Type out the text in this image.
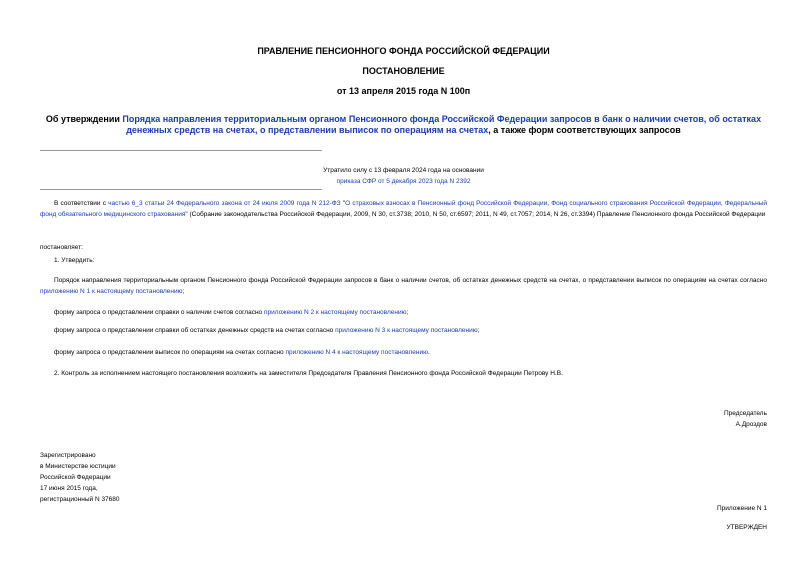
ПРАВЛЕНИЕ ПЕНСИОННОГО ФОНДА РОССИЙСКОЙ ФЕДЕРАЦИИ
ПОСТАНОВЛЕНИЕ
от 13 апреля 2015 года N 100п
Об утверждении Порядка направления территориальным органом Пенсионного фонда Российской Федерации запросов в банк о наличии счетов, об остатках денежных средств на счетах, о представлении выписок по операциям на счетах, а также форм соответствующих запросов
Утратило силу с 13 февраля 2024 года на основании
приказа СФР от 5 декабря 2023 года N 2392
В соответствии с частью 6_3 статьи 24 Федерального закона от 24 июля 2009 года N 212-ФЗ "О страховых взносах в Пенсионный фонд Российской Федерации, Фонд социального страхования Российской Федерации, Федеральный фонд обязательного медицинского страхования" (Собрание законодательства Российской Федерации, 2009, N 30, ст.3738; 2010, N 50, ст.6597; 2011, N 49, ст.7057; 2014, N 26, ст.3394) Правление Пенсионного фонда Российской Федерации
постановляет:
1. Утвердить:
Порядок направления территориальным органом Пенсионного фонда Российской Федерации запросов в банк о наличии счетов, об остатках денежных средств на счетах, о представлении выписок по операциям на счетах согласно приложению N 1 к настоящему постановлению;
форму запроса о представлении справки о наличии счетов согласно приложению N 2 к настоящему постановлению;
форму запроса о представлении справки об остатках денежных средств на счетах согласно приложению N 3 к настоящему постановлению;
форму запроса о представлении выписок по операциям на счетах согласно приложению N 4 к настоящему постановлению.
2. Контроль за исполнением настоящего постановления возложить на заместителя Председателя Правления Пенсионного фонда Российской Федерации Петрову Н.В.
Председатель
А.Дроздов
Зарегистрировано
в Министерстве юстиции
Российской Федерации
17 июня 2015 года,
регистрационный N 37680
Приложение N 1
УТВЕРЖДЕН
